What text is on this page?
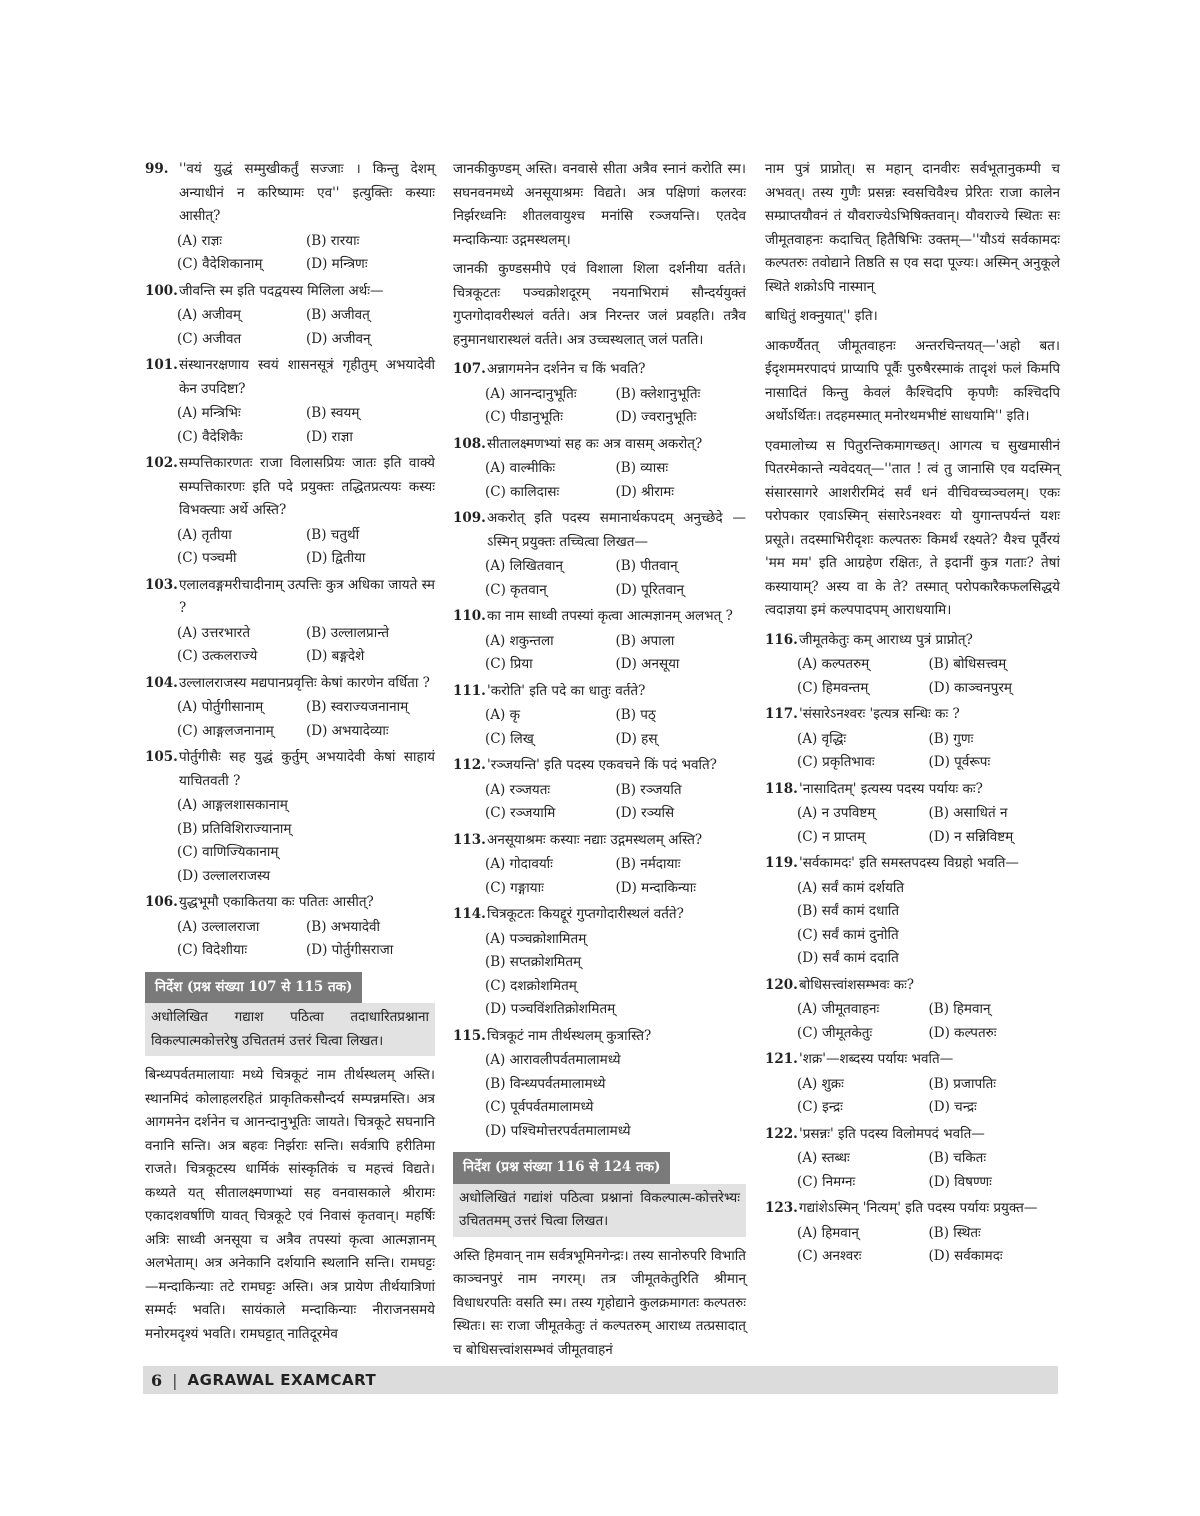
99. ''वयं युद्धं सम्मुखीकर्तुं सज्जाः । किन्तु देशम् अन्याधीनं न करिष्यामः एव'' इत्युक्तिः कस्याः आसीत्?
(A) राज्ञः	(B) रारयाः
(C) वैदेशिकानाम्	(D) मन्त्रिणः
100. जीवन्ति स्म इति पदद्वयस्य मिलिला अर्थः—
(A) अजीवम्	(B) अजीवत्
(C) अजीवत	(D) अजीवन्
101. संस्थानरक्षणाय स्वयं शासनसूत्रं गृहीतुम् अभयादेवी केन उपदिष्टा?
(A) मन्त्रिभिः	(B) स्वयम्
(C) वैदेशिकैः	(D) राज्ञा
102. सम्पत्तिकारणतः राजा विलासप्रियः जातः इति वाक्ये सम्पत्तिकारणः इति पदे प्रयुक्तः तद्धितप्रत्ययः कस्यः विभक्त्याः अर्थे अस्ति?
(A) तृतीया	(B) चतुर्थी
(C) पञ्चमी	(D) द्वितीया
103. एलालवङ्गमरीचादीनाम् उत्पत्तिः कुत्र अधिका जायते स्म ?
(A) उत्तरभारते	(B) उल्लालप्रान्ते
(C) उत्कलराज्ये	(D) बङ्गदेशे
104. उल्लालराजस्य मद्यपानप्रवृत्तिः केषां कारणेन वर्धिता ?
(A) पोर्तुगीसानाम्	(B) स्वराज्यजनानाम्
(C) आङ्गलजनानाम्	(D) अभयादेव्याः
105. पोर्तुगीसैः सह युद्धं कुर्तुम् अभयादेवी केषां साहायं याचितवती ?
(A) आङ्गलशासकानाम्
(B) प्रतिविशिराज्यानाम्
(C) वाणिज्यिकानाम्
(D) उल्लालराजस्य
106. युद्धभूमौ एकाकितया कः पतितः आसीत्?
(A) उल्लालराजा	(B) अभयादेवी
(C) विदेशीयाः	(D) पोर्तुगीसराजा
निर्देश (प्रश्न संख्या 107 से 115 तक)
अधोलिखित गद्याश पठित्वा तदाधारितप्रश्नाना विकल्पात्मकोत्तरेषु उचिततमं उत्तरं चित्वा लिखत।
बिन्ध्यपर्वतमालायाः मध्ये चित्रकूटं नाम तीर्थस्थलम् अस्ति। स्थानमिदं कोलाहलरहितं प्राकृतिकसौन्दर्य सम्पन्नमस्ति। अत्र आगमनेन दर्शनेन च आनन्दानुभूतिः जायते। चित्रकूटे सघनानि वनानि सन्ति। अत्र बहवः निर्झराः सन्ति। सर्वत्रापि हरीतिमा राजते। चित्रकूटस्य धार्मिकं सांस्कृतिकं च महत्त्वं विद्यते। कथ्यते यत् सीतालक्ष्मणाभ्यां सह वनवासकाले श्रीरामः एकादशवर्षाणि यावत् चित्रकूटे एवं निवासं कृतवान्। महर्षिः अत्रिः साध्वी अनसूया च अत्रैव तपस्यां कृत्वा आत्मज्ञानम् अलभेताम्। अत्र अनेकानि दर्शयानि स्थलानि सन्ति। रामघट्टः—मन्दाकिन्याः तटे रामघट्टः अस्ति। अत्र प्रायेण तीर्थयात्रिणां सम्मर्दः भवति। सायंकाले मन्दाकिन्याः नीराजनसमये मनोरमदृश्यं भवति। रामघट्टात् नातिदूरमेव
जानकीकुण्डम् अस्ति। वनवासे सीता अत्रैव स्नानं करोति स्म। सघनवनमध्ये अनसूयाश्रमः विद्यते। अत्र पक्षिणां कलरवः निर्झरध्वनिः शीतलवायुश्च मनांसि रञ्जयन्ति। एतदेव मन्दाकिन्याः उद्गमस्थलम्।
जानकी कुण्डसमीपे एवं विशाला शिला दर्शनीया वर्तते। चित्रकूटतः पञ्चक्रोशदूरम् नयनाभिरामं सौन्दर्ययुक्तं गुप्तगोदावरीस्थलं वर्तते। अत्र निरन्तर जलं प्रवहति। तत्रैव हनुमानधारास्थलं वर्तते। अत्र उच्चस्थलात् जलं पतति।
107. अन्नागमनेन दर्शनेन च किं भवति?
(A) आनन्दानुभूतिः	(B) क्लेशानुभूतिः
(C) पीडानुभूतिः	(D) ज्वरानुभूतिः
108. सीतालक्ष्मणभ्यां सह कः अत्र वासम् अकरोत्?
(A) वाल्मीकिः	(B) व्यासः
(C) कालिदासः	(D) श्रीरामः
109. अकरोत् इति पदस्य समानार्थकपदम् अनुच्छेदे —ऽस्मिन् प्रयुक्तः तच्चित्वा लिखत—
(A) लिखितवान्	(B) पीतवान्
(C) कृतवान्	(D) पूरितवान्
110. का नाम साध्वी तपस्यां कृत्वा आत्मज्ञानम् अलभत् ?
(A) शकुन्तला	(B) अपाला
(C) प्रिया	(D) अनसूया
111. 'करोति' इति पदे का धातुः वर्तते?
(A) कृ	(B) पठ्
(C) लिख्	(D) हस्
112. 'रञ्जयन्ति' इति पदस्य एकवचने किं पदं भवति?
(A) रञ्जयतः	(B) रञ्जयति
(C) रञ्जयामि	(D) रञ्यसि
113. अनसूयाश्रमः कस्याः नद्याः उद्गमस्थलम् अस्ति?
(A) गोदावर्याः	(B) नर्मदायाः
(C) गङ्गायाः	(D) मन्दाकिन्याः
114. चित्रकूटतः कियद्दूरं गुप्तगोदारीस्थलं वर्तते?
(A) पञ्चक्रोशामितम्
(B) सप्तक्रोशमितम्
(C) दशक्रोशमितम्
(D) पञ्चविंशतिक्रोशमितम्
115. चित्रकूटं नाम तीर्थस्थलम् कुत्रास्ति?
(A) आरावलीपर्वतमालामध्ये
(B) विन्ध्यपर्वतमालामध्ये
(C) पूर्वपर्वतमालामध्ये
(D) पश्चिमोत्तरपर्वतमालामध्ये
निर्देश (प्रश्न संख्या 116 से 124 तक)
अधोलिखितं गद्यांशं पठित्वा प्रश्नानां विकल्पात्म-कोत्तरेभ्यः उचिततमम् उत्तरं चित्वा लिखत।
अस्ति हिमवान् नाम सर्वत्रभूमिनगेन्द्रः। तस्य सानोरुपरि विभाति काञ्चनपुरं नाम नगरम्। तत्र जीमूतकेतुरिति श्रीमान् विधाधरपतिः वसति स्म। तस्य गृहोद्याने कुलक्रमागतः कल्पतरुः स्थितः। सः राजा जीमूतकेतुः तं कल्पतरुम् आराध्य तत्प्रसादात् च बोधिसत्त्वांशसम्भवं जीमूतवाहनं
नाम पुत्रं प्राप्नोत्। स महान् दानवीरः सर्वभूतानुकम्पी च अभवत्। तस्य गुणैः प्रसन्नः स्वसचिवैश्च प्रेरितः राजा कालेन सम्प्राप्तयौवनं तं यौवराज्येऽभिषिक्तवान्। यौवराज्ये स्थितः सः जीमूतवाहनः कदाचित् हितैषिभिः उक्तम्—''यौऽयं सर्वकामदः कल्पतरुः तवोद्याने तिष्ठति स एव सदा पूज्यः। अस्मिन् अनुकूले स्थिते शक्रोऽपि नास्मान्
बाधितुं शक्नुयात्'' इति।
आकर्ण्यैतत् जीमूतवाहनः अन्तरचिन्तयत्—'अहो बत। ईदृशममरपादपं प्राप्यापि पूर्वैः पुरुषैरस्माकं तादृशं फलं किमपि नासादितं किन्तु केवलं कैश्चिदपि कृपणैः कश्चिदपि अर्थोऽर्थितः। तदहमस्मात् मनोरथमभीष्टं साधयामि'' इति।
एवमालोच्य स पितुरन्तिकमागच्छत्। आगत्य च सुखमासीनं पितरमेकान्ते न्यवेदयत्—''तात ! त्वं तु जानासि एव यदस्मिन् संसारसागरे आशरीरमिदं सर्वं धनं वीचिवच्चञ्चलम्। एकः परोपकार एवाऽस्मिन् संसारेऽनश्वरः यो युगान्तपर्यन्तं यशः प्रसूते। तदस्माभिरीदृशः कल्पतरुः किमर्थं रक्ष्यते? यैश्च पूर्वैरयं 'मम मम' इति आग्रहेण रक्षितः, ते इदानीं कुत्र गताः? तेषां कस्यायाम्? अस्य वा के ते? तस्मात् परोपकारैकफलसिद्धये त्वदाज्ञया इमं कल्पपादपम् आराधयामि।
116. जीमूतकेतुः कम् आराध्य पुत्रं प्राप्नोत्?
(A) कल्पतरुम्	(B) बोधिसत्त्वम्
(C) हिमवन्तम्	(D) काञ्चनपुरम्
117. 'संसारेऽनश्वरः 'इत्यत्र सन्धिः कः ?
(A) वृद्धिः	(B) गुणः
(C) प्रकृतिभावः	(D) पूर्वरूपः
118. 'नासादितम्' इत्यस्य पदस्य पर्यायः कः?
(A) न उपविष्टम्	(B) असाधितं न
(C) न प्राप्तम्	(D) न सन्निविष्टम्
119. 'सर्वकामदः' इति समस्तपदस्य विग्रहो भवति—
(A) सर्वं कामं दर्शयति
(B) सर्वं कामं दधाति
(C) सर्वं कामं दुनोति
(D) सर्वं कामं ददाति
120. बोधिसत्त्वांशसम्भवः कः?
(A) जीमूतवाहनः	(B) हिमवान्
(C) जीमूतकेतुः	(D) कल्पतरुः
121. 'शक्र'—शब्दस्य पर्यायः भवति—
(A) शुक्रः	(B) प्रजापतिः
(C) इन्द्रः	(D) चन्द्रः
122. 'प्रसन्नः' इति पदस्य विलोमपदं भवति—
(A) स्तब्धः	(B) चकितः
(C) निमग्नः	(D) विषण्णः
123. गद्यांशेऽस्मिन् 'नित्यम्' इति पदस्य पर्यायः प्रयुक्त—
(A) हिमवान्	(B) स्थितः
(C) अनश्वरः	(D) सर्वकामदः
6 | AGRAWAL EXAMCART
